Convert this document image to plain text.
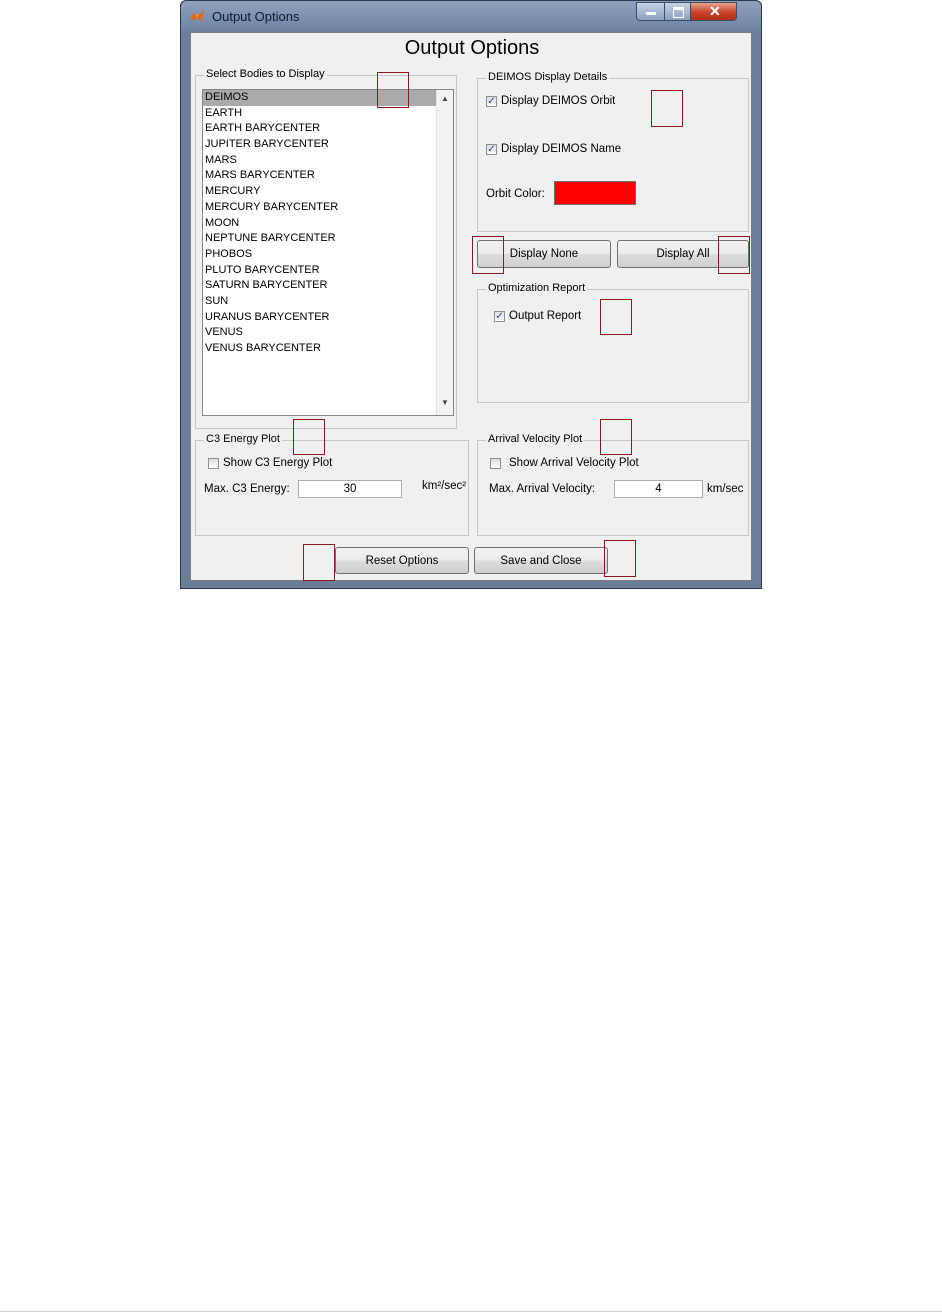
Output Options	✕
Output Options
Select Bodies to Display
DEIMOS
EARTH
EARTH BARYCENTER
JUPITER BARYCENTER
MARS
MARS BARYCENTER
MERCURY
MERCURY BARYCENTER
MOON
NEPTUNE BARYCENTER
PHOBOS
PLUTO BARYCENTER
SATURN BARYCENTER
SUN
URANUS BARYCENTER
VENUS
VENUS BARYCENTER
▲
▼
DEIMOS Display Details
✓ Display DEIMOS Orbit
✓ Display DEIMOS Name
Orbit Color:
Display None	Display All
Optimization Report
✓ Output Report
C3 Energy Plot
Show C3 Energy Plot
Max. C3 Energy:
30	km²/sec²
Arrival Velocity Plot
Show Arrival Velocity Plot
Max. Arrival Velocity:
4	km/sec
Reset Options	Save and Close
